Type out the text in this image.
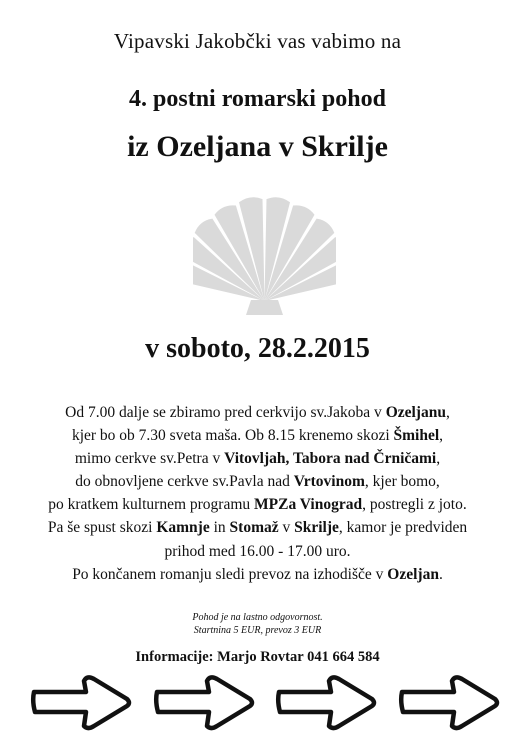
Vipavski Jakobčki vas vabimo na
4. postni romarski pohod
iz Ozeljana v Skrilje
v soboto, 28.2.2015
Od 7.00 dalje se zbiramo pred cerkvijo sv.Jakoba v Ozeljanu,
kjer bo ob 7.30 sveta maša. Ob 8.15 krenemo skozi Šmihel,
mimo cerkve sv.Petra v Vitovljah, Tabora nad Črničami,
do obnovljene cerkve sv.Pavla nad Vrtovinom, kjer bomo,
po kratkem kulturnem programu MPZa Vinograd, postregli z joto.
Pa še spust skozi Kamnje in Stomaž v Skrilje, kamor je predviden
prihod med 16.00 - 17.00 uro.
Po končanem romanju sledi prevoz na izhodišče v Ozeljan.
Pohod je na lastno odgovornost.
Startnina 5 EUR, prevoz 3 EUR
Informacije: Marjo Rovtar 041 664 584
